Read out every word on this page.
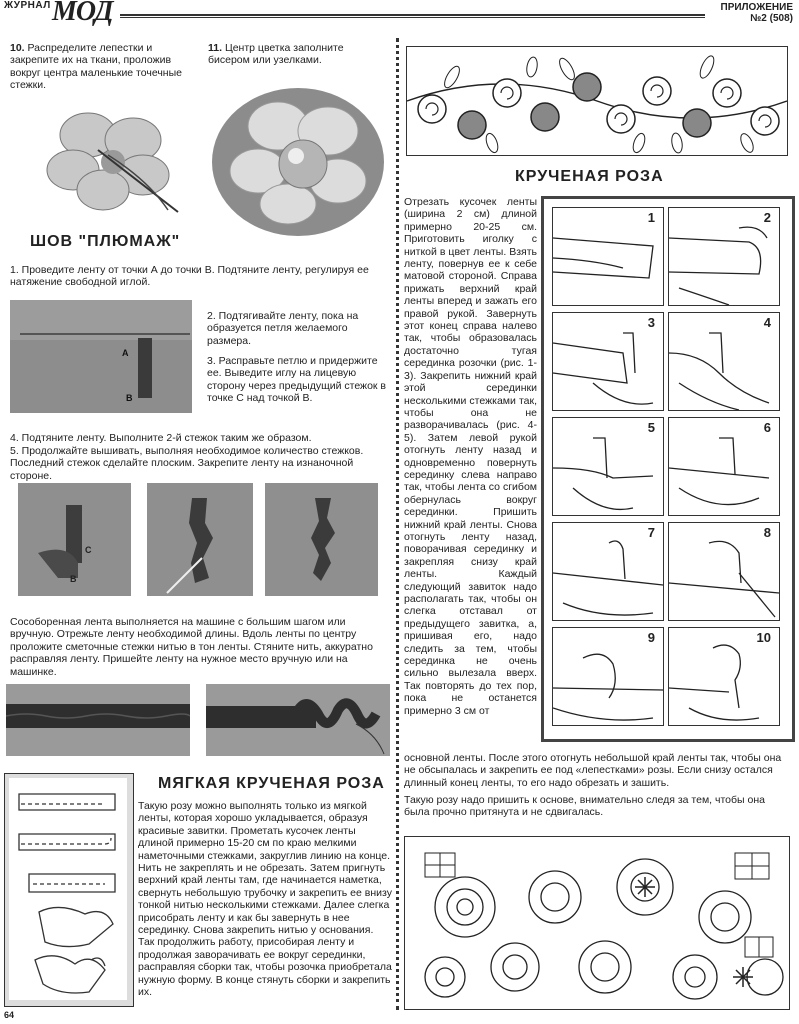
ЖУРНАЛ МОД	ПРИЛОЖЕНИЕ
№2 (508)
10. Распределите лепестки и закрепите их на ткани, проложив вокруг центра маленькие точечные стежки.
11. Центр цветка заполните бисером или узелками.
ШОВ "ПЛЮМАЖ"
1. Проведите ленту от точки А до точки В. Подтяните ленту, регулируя ее натяжение свободной иглой.
А
В
2. Подтягивайте ленту, пока на образуется петля желаемого размера.
3. Расправьте петлю и придержите ее. Выведите иглу на лицевую сторону через предыдущий стежок в точке С над точкой В.
4. Подтяните ленту. Выполните 2-й стежок таким же образом.
5. Продолжайте вышивать, выполняя необходимое количество стежков. Последний стежок сделайте плоским. Закрепите ленту на изнаночной стороне.
С
В
Сособоренная лента выполняется на машине с большим шагом или вручную. Отрежьте ленту необходимой длины. Вдоль ленты по центру проложите сметочные стежки нитью в тон ленты. Стяните нить, аккуратно расправляя ленту. Пришейте ленту на нужное место вручную или на машинке.
МЯГКАЯ КРУЧЕНАЯ РОЗА
Такую розу можно выполнять только из мягкой ленты, которая хорошо укладывается, образуя красивые завитки. Прометать кусочек ленты длиной примерно 15-20 см по краю мелкими наметочными стежками, закруглив линию на конце. Нить не закреплять и не обрезать. Затем пригнуть верхний край ленты там, где начинается наметка, свернуть небольшую трубочку и закрепить ее внизу тонкой нитью несколькими стежками. Далее слегка присобрать ленту и как бы завернуть в нее серединку. Снова закрепить нитью у основания. Так продолжить работу, присобирая ленту и продолжая заворачивать ее вокруг серединки, расправляя сборки так, чтобы розочка приобретала нужную форму. В конце стянуть сборки и закрепить их.
64
КРУЧЕНАЯ РОЗА
Отрезать кусочек ленты (ширина 2 см) длиной примерно 20-25 см. Приготовить иголку с ниткой в цвет ленты. Взять ленту, повернув ее к себе матовой стороной. Справа прижать верхний край ленты вперед и зажать его правой рукой. Завернуть этот конец справа налево так, чтобы образовалась достаточно тугая серединка розочки (рис. 1-3). Закрепить нижний край этой серединки несколькими стежками так, чтобы она не разворачивалась (рис. 4-5). Затем левой рукой отогнуть ленту назад и одновременно повернуть серединку слева направо так, чтобы лента со сгибом обернулась вокруг серединки. Пришить нижний край ленты. Снова отогнуть ленту назад, поворачивая серединку и закрепляя снизу край ленты. Каждый следующий завиток надо располагать так, чтобы он слегка отставал от предыдущего завитка, а, пришивая его, надо следить за тем, чтобы серединка не очень сильно вылезала вверх. Так повторять до тех пор, пока не останется примерно 3 см от
1	2
3	4
5	6
7	8
9	10
основной ленты. После этого отогнуть небольшой край ленты так, чтобы она не обсыпалась и закрепить ее под «лепестками» розы. Если снизу остался длинный конец ленты, то его надо обрезать и зашить.
Такую розу надо пришить к основе, внимательно следя за тем, чтобы она была прочно притянута и не сдвигалась.
